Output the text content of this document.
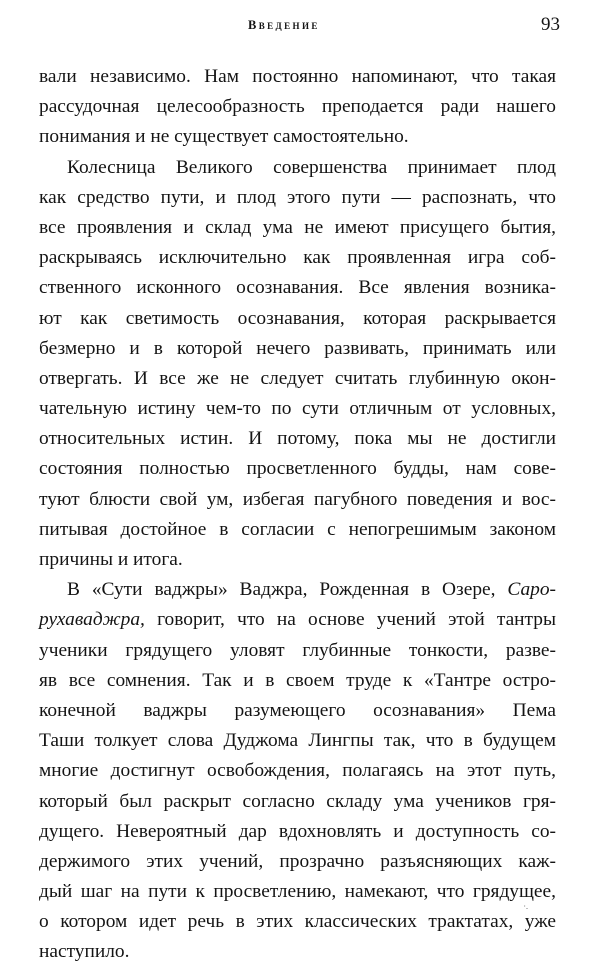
Введение	93
вали независимо. Нам постоянно напоминают, что такая
рассудочная целесообразность преподается ради нашего
понимания и не существует самостоятельно.
Колесница Великого совершенства принимает плод
как средство пути, и плод этого пути — распознать, что
все проявления и склад ума не имеют присущего бытия,
раскрываясь исключительно как проявленная игра соб-
ственного исконного осознавания. Все явления возника-
ют как светимость осознавания, которая раскрывается
безмерно и в которой нечего развивать, принимать или
отвергать. И все же не следует считать глубинную окон-
чательную истину чем-то по сути отличным от условных,
относительных истин. И потому, пока мы не достигли
состояния полностью просветленного будды, нам сове-
туют блюсти свой ум, избегая пагубного поведения и вос-
питывая достойное в согласии с непогрешимым законом
причины и итога.
В «Сути ваджры» Ваджра, Рожденная в Озере, Саро-
рухаваджра, говорит, что на основе учений этой тантры
ученики грядущего уловят глубинные тонкости, разве-
яв все сомнения. Так и в своем труде к «Тантре остро-
конечной ваджры разумеющего осознавания» Пема
Таши толкует слова Дуджома Лингпы так, что в будущем
многие достигнут освобождения, полагаясь на этот путь,
который был раскрыт согласно складу ума учеников гря-
дущего. Невероятный дар вдохновлять и доступность со-
держимого этих учений, прозрачно разъясняющих каж-
дый шаг на пути к просветлению, намекают, что грядущее,
о котором идет речь в этих классических трактатах, уже
наступило.
·.
